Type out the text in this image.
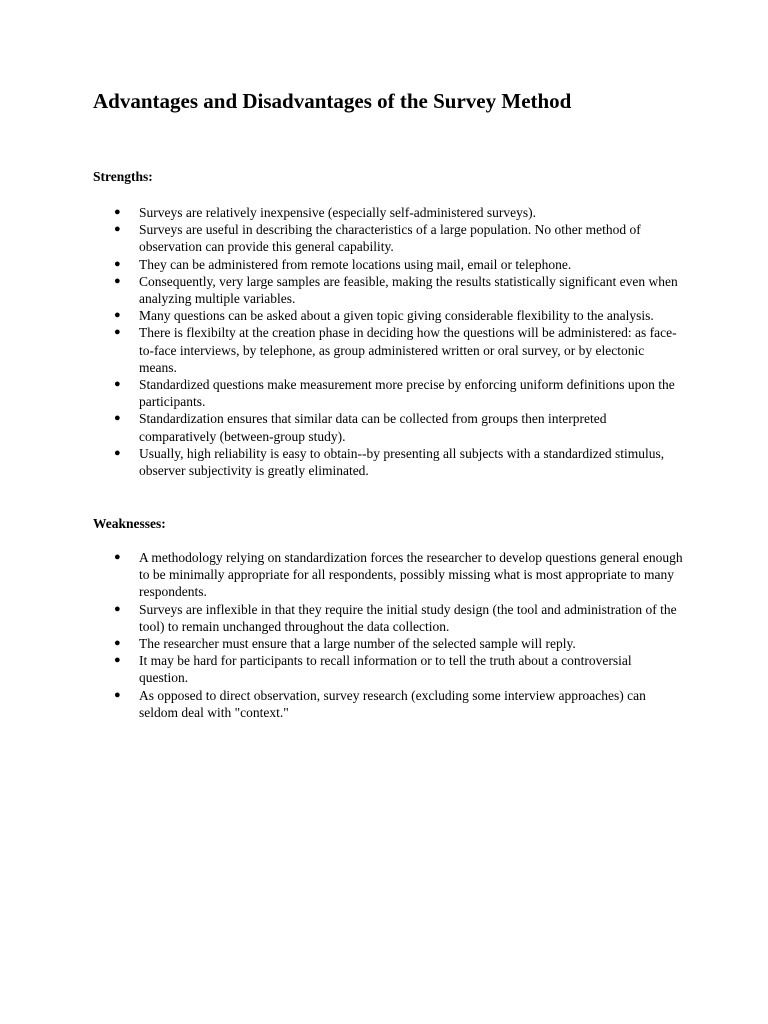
Advantages and Disadvantages of the Survey Method
Strengths:
● Surveys are relatively inexpensive (especially self-administered surveys).
● Surveys are useful in describing the characteristics of a large population. No other method of observation can provide this general capability.
● They can be administered from remote locations using mail, email or telephone.
● Consequently, very large samples are feasible, making the results statistically significant even when analyzing multiple variables.
● Many questions can be asked about a given topic giving considerable flexibility to the analysis.
● There is flexibilty at the creation phase in deciding how the questions will be administered: as face-to-face interviews, by telephone, as group administered written or oral survey, or by electonic means.
● Standardized questions make measurement more precise by enforcing uniform definitions upon the participants.
● Standardization ensures that similar data can be collected from groups then interpreted comparatively (between-group study).
● Usually, high reliability is easy to obtain--by presenting all subjects with a standardized stimulus, observer subjectivity is greatly eliminated.
Weaknesses:
● A methodology relying on standardization forces the researcher to develop questions general enough to be minimally appropriate for all respondents, possibly missing what is most appropriate to many respondents.
● Surveys are inflexible in that they require the initial study design (the tool and administration of the tool) to remain unchanged throughout the data collection.
● The researcher must ensure that a large number of the selected sample will reply.
● It may be hard for participants to recall information or to tell the truth about a controversial question.
● As opposed to direct observation, survey research (excluding some interview approaches) can seldom deal with "context."
